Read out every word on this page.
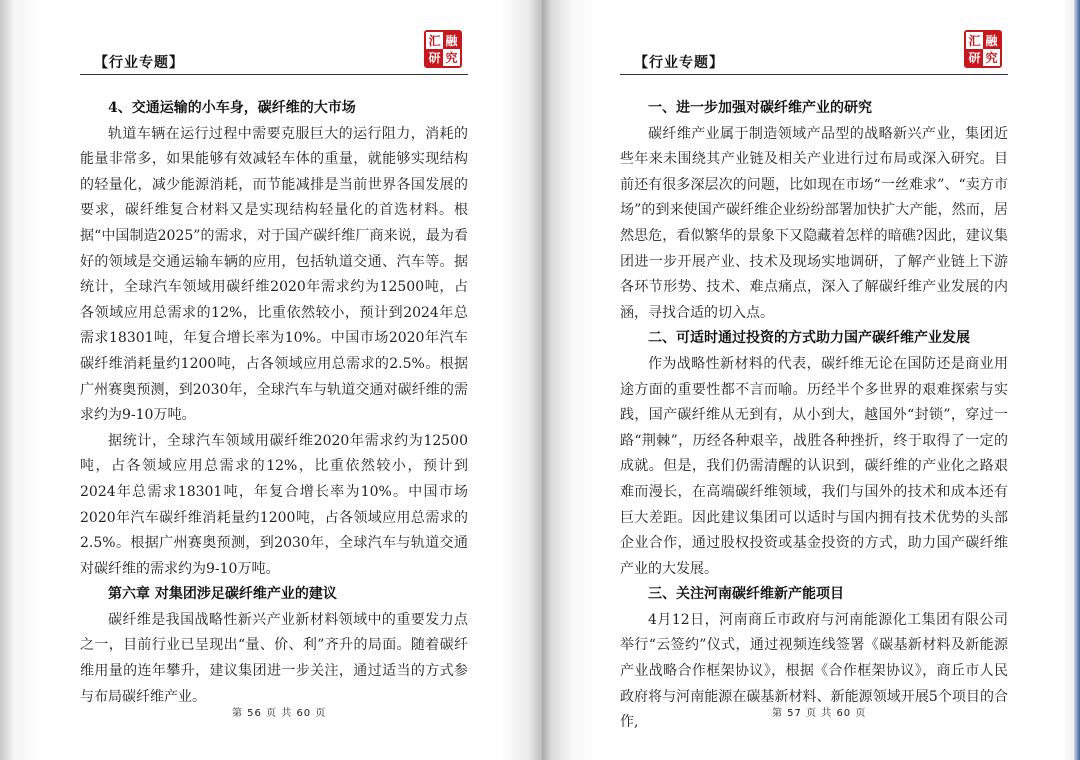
【行业专题】
汇 融
研 究

4、交通运输的小车身，碳纤维的大市场

轨道车辆在运行过程中需要克服巨大的运行阻力，消耗的能量非常多，如果能够有效减轻车体的重量，就能够实现结构的轻量化，减少能源消耗，而节能减排是当前世界各国发展的要求，碳纤维复合材料又是实现结构轻量化的首选材料。根据“中国制造2025”的需求，对于国产碳纤维厂商来说，最为看好的领域是交通运输车辆的应用，包括轨道交通、汽车等。据统计，全球汽车领域用碳纤维2020年需求约为12500吨，占各领域应用总需求的12%，比重依然较小，预计到2024年总需求18301吨，年复合增长率为10%。中国市场2020年汽车碳纤维消耗量约1200吨，占各领域应用总需求的2.5%。根据广州赛奥预测，到2030年，全球汽车与轨道交通对碳纤维的需求约为9-10万吨。

据统计，全球汽车领域用碳纤维2020年需求约为12500吨，占各领域应用总需求的12%，比重依然较小，预计到2024年总需求18301吨，年复合增长率为10%。中国市场2020年汽车碳纤维消耗量约1200吨，占各领域应用总需求的2.5%。根据广州赛奥预测，到2030年，全球汽车与轨道交通对碳纤维的需求约为9-10万吨。

第六章 对集团涉足碳纤维产业的建议

碳纤维是我国战略性新兴产业新材料领域中的重要发力点之一，目前行业已呈现出“量、价、利”齐升的局面。随着碳纤维用量的连年攀升，建议集团进一步关注，通过适当的方式参与布局碳纤维产业。

第 56 页 共 60 页
【行业专题】
汇 融
研 究

一、进一步加强对碳纤维产业的研究

碳纤维产业属于制造领域产品型的战略新兴产业，集团近些年来未围绕其产业链及相关产业进行过布局或深入研究。目前还有很多深层次的问题，比如现在市场“一丝难求”、“卖方市场”的到来使国产碳纤维企业纷纷部署加快扩大产能，然而，居然思危，看似繁华的景象下又隐藏着怎样的暗礁?因此，建议集团进一步开展产业、技术及现场实地调研，了解产业链上下游各环节形势、技术、难点痛点，深入了解碳纤维产业发展的内涵，寻找合适的切入点。

二、可适时通过投资的方式助力国产碳纤维产业发展

作为战略性新材料的代表，碳纤维无论在国防还是商业用途方面的重要性都不言而喻。历经半个多世界的艰难探索与实践，国产碳纤维从无到有，从小到大，越国外“封锁”，穿过一路“荆棘”，历经各种艰辛，战胜各种挫折，终于取得了一定的成就。但是，我们仍需清醒的认识到，碳纤维的产业化之路艰难而漫长，在高端碳纤维领域，我们与国外的技术和成本还有巨大差距。因此建议集团可以适时与国内拥有技术优势的头部企业合作，通过股权投资或基金投资的方式，助力国产碳纤维产业的大发展。

三、关注河南碳纤维新产能项目

4月12日，河南商丘市政府与河南能源化工集团有限公司举行“云签约”仪式，通过视频连线签署《碳基新材料及新能源产业战略合作框架协议》，根据《合作框架协议》，商丘市人民政府将与河南能源在碳基新材料、新能源领域开展5个项目的合作,

第 57 页 共 60 页
